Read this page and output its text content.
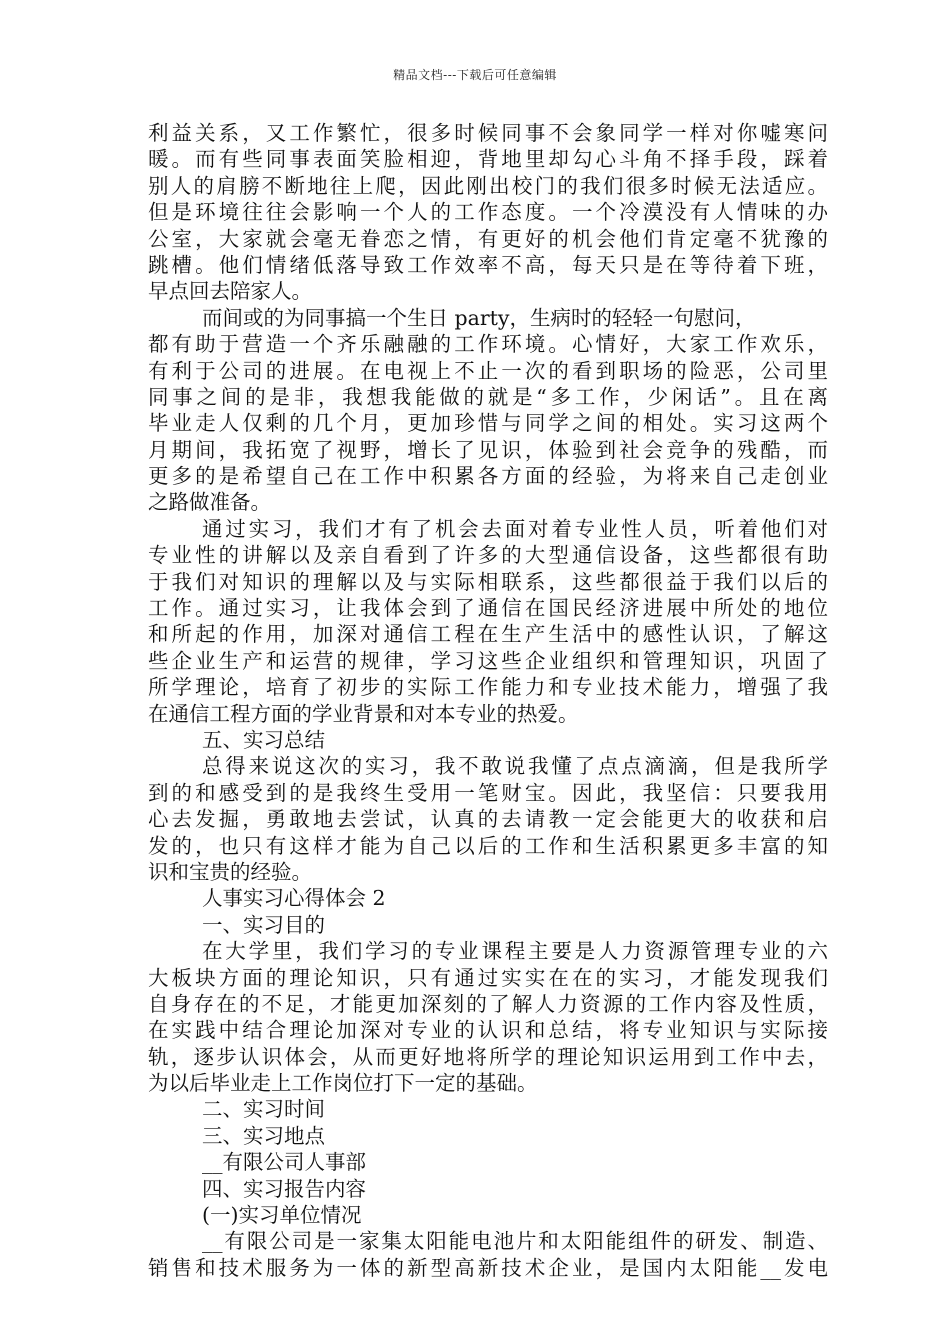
精品文档---下载后可任意编辑
利益关系，又工作繁忙，很多时候同事不会象同学一样对你嘘寒问
暖。而有些同事表面笑脸相迎，背地里却勾心斗角不择手段，踩着
别人的肩膀不断地往上爬，因此刚出校门的我们很多时候无法适应。
但是环境往往会影响一个人的工作态度。一个冷漠没有人情味的办
公室，大家就会毫无眷恋之情，有更好的机会他们肯定毫不犹豫的
跳槽。他们情绪低落导致工作效率不高，每天只是在等待着下班，
早点回去陪家人。
而间或的为同事搞一个生日 party，生病时的轻轻一句慰问，
都有助于营造一个齐乐融融的工作环境。心情好，大家工作欢乐，
有利于公司的进展。在电视上不止一次的看到职场的险恶，公司里
同事之间的是非，我想我能做的就是“多工作，少闲话”。且在离
毕业走人仅剩的几个月，更加珍惜与同学之间的相处。实习这两个
月期间，我拓宽了视野，增长了见识，体验到社会竞争的残酷，而
更多的是希望自己在工作中积累各方面的经验，为将来自己走创业
之路做准备。
通过实习，我们才有了机会去面对着专业性人员，听着他们对
专业性的讲解以及亲自看到了许多的大型通信设备，这些都很有助
于我们对知识的理解以及与实际相联系，这些都很益于我们以后的
工作。通过实习，让我体会到了通信在国民经济进展中所处的地位
和所起的作用，加深对通信工程在生产生活中的感性认识，了解这
些企业生产和运营的规律，学习这些企业组织和管理知识，巩固了
所学理论，培育了初步的实际工作能力和专业技术能力，增强了我
在通信工程方面的学业背景和对本专业的热爱。
五、实习总结
总得来说这次的实习，我不敢说我懂了点点滴滴，但是我所学
到的和感受到的是我终生受用一笔财宝。因此，我坚信：只要我用
心去发掘，勇敢地去尝试，认真的去请教一定会能更大的收获和启
发的，也只有这样才能为自己以后的工作和生活积累更多丰富的知
识和宝贵的经验。
人事实习心得体会 2
一、实习目的
在大学里，我们学习的专业课程主要是人力资源管理专业的六
大板块方面的理论知识，只有通过实实在在的实习，才能发现我们
自身存在的不足，才能更加深刻的了解人力资源的工作内容及性质，
在实践中结合理论加深对专业的认识和总结，将专业知识与实际接
轨，逐步认识体会，从而更好地将所学的理论知识运用到工作中去，
为以后毕业走上工作岗位打下一定的基础。
二、实习时间
三、实习地点
__有限公司人事部
四、实习报告内容
(一)实习单位情况
__有限公司是一家集太阳能电池片和太阳能组件的研发、制造、
销售和技术服务为一体的新型高新技术企业，是国内太阳能__发电
